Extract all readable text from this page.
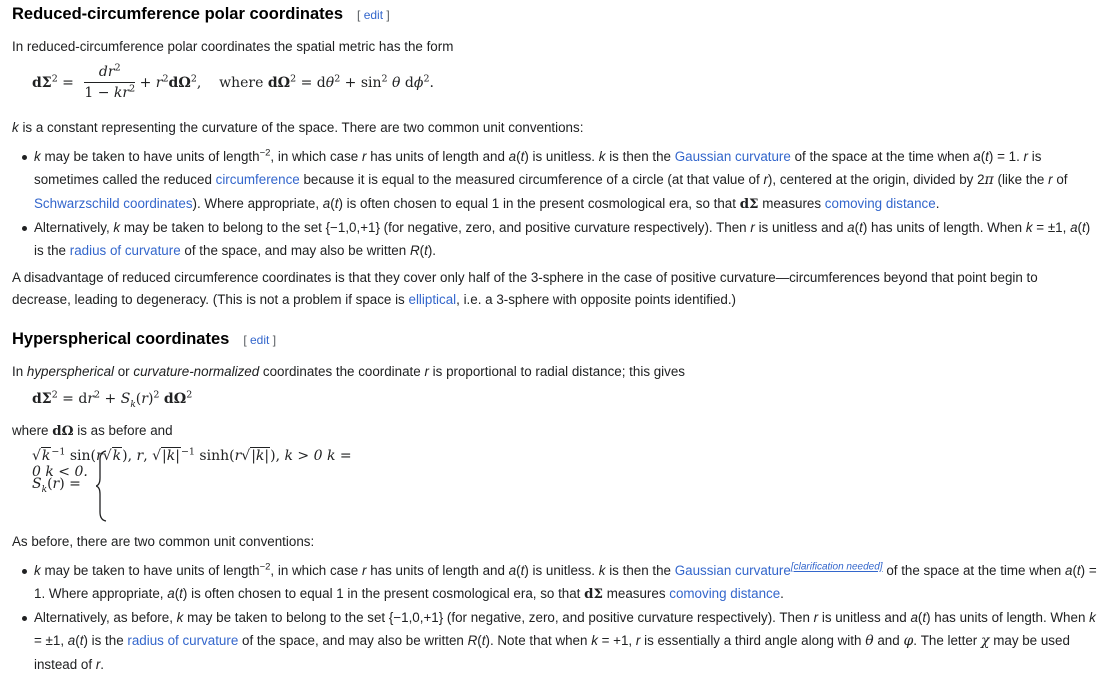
Reduced-circumference polar coordinates [ edit ]

In reduced-circumference polar coordinates the spatial metric has the form

$d\Sigma^2 = \frac{dr^2}{1 - kr^2} + r^2d\Omega^2$,    where $d\Omega^2 = d\theta^2 + \sin^2 \theta$ $d\phi^2$.

k is a constant representing the curvature of the space. There are two common unit conventions:

k may be taken to have units of length$^{-2}$, in which case r has units of length and a(t) is unitless. k is then the Gaussian curvature of the space at the time when a(t) = 1. r is sometimes called the reduced circumference because it is equal to the measured circumference of a circle (at that value of r), centered at the origin, divided by 2π (like the r of Schwarzschild coordinates). Where appropriate, a(t) is often chosen to equal 1 in the present cosmological era, so that dΣ measures comoving distance.
Alternatively, k may be taken to belong to the set {−1,0,+1} (for negative, zero, and positive curvature respectively). Then r is unitless and a(t) has units of length. When k = ±1, a(t) is the radius of curvature of the space, and may also be written R(t).

A disadvantage of reduced circumference coordinates is that they cover only half of the 3-sphere in the case of positive curvature—circumferences beyond that point begin to decrease, leading to degeneracy. (This is not a problem if space is elliptical, i.e. a 3-sphere with opposite points identified.)

Hyperspherical coordinates [ edit ]

In hyperspherical or curvature-normalized coordinates the coordinate r is proportional to radial distance; this gives

$d\Sigma^2 = dr^2 + S_k(r)^2$ $d\Omega^2$

where dΩ is as before and

$S_k(r)$ =
$√k^{-1}$ sin(r√k), r, $√|k|^{-1}$ sinh(r√|k|), k > 0 k = 0 k < 0.

As before, there are two common unit conventions:

k may be taken to have units of length$^{-2}$, in which case r has units of length and a(t) is unitless. k is then the Gaussian curvature[clarification needed] of the space at the time when a(t) = 1. Where appropriate, a(t) is often chosen to equal 1 in the present cosmological era, so that dΣ measures comoving distance.
Alternatively, as before, k may be taken to belong to the set {−1,0,+1} (for negative, zero, and positive curvature respectively). Then r is unitless and a(t) has units of length. When k = ±1, a(t) is the radius of curvature of the space, and may also be written R(t). Note that when k = +1, r is essentially a third angle along with θ and φ. The letter χ may be used instead of r.
